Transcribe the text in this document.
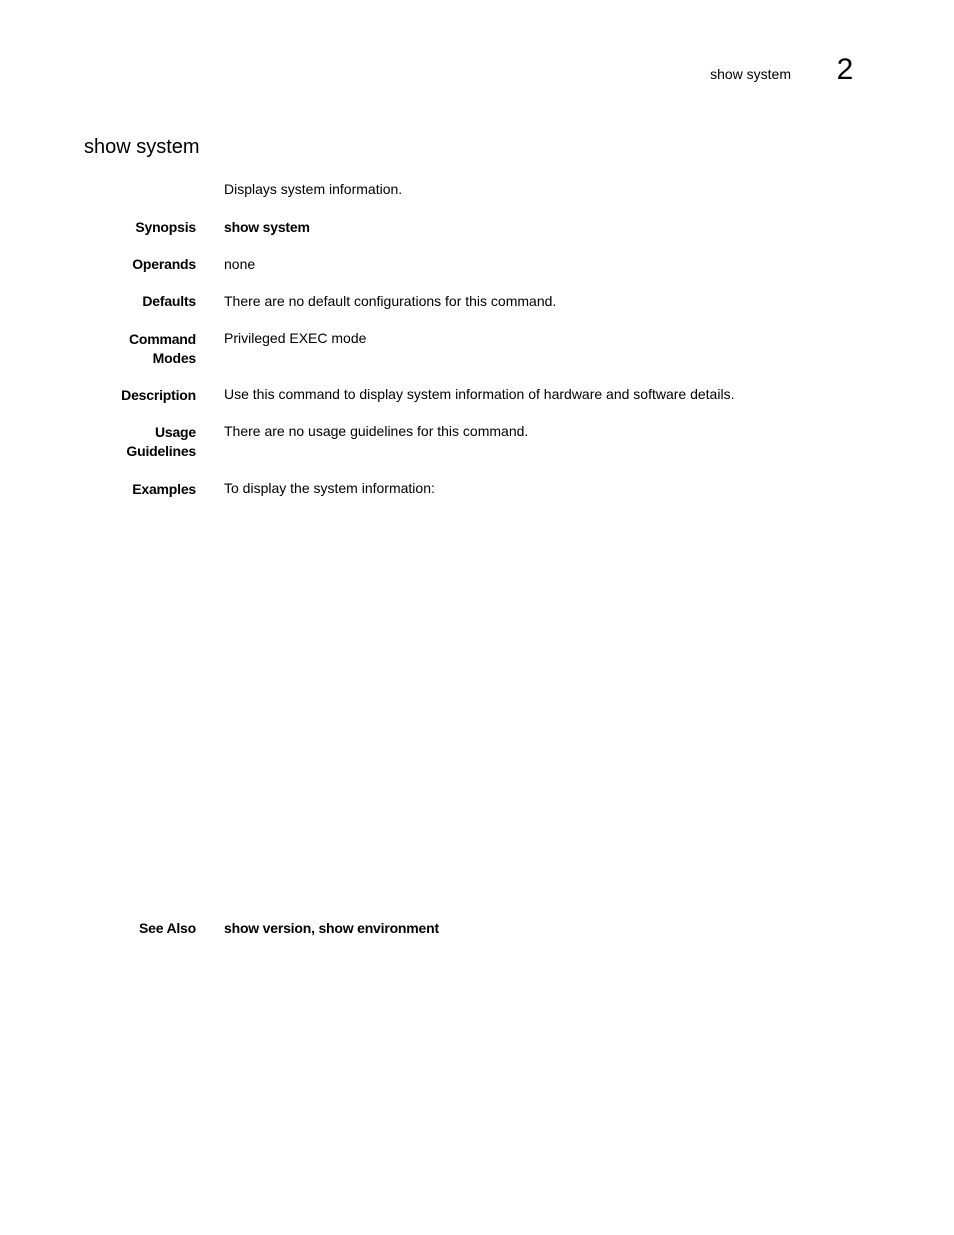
show system 2
show system
Displays system information.
Synopsis show system
Operands none
Defaults There are no default configurations for this command.
Command
Modes
Privileged EXEC mode
Description Use this command to display system information of hardware and software details.
Usage
Guidelines
There are no usage guidelines for this command.
Examples To display the system information:
See Also show version, show environment
